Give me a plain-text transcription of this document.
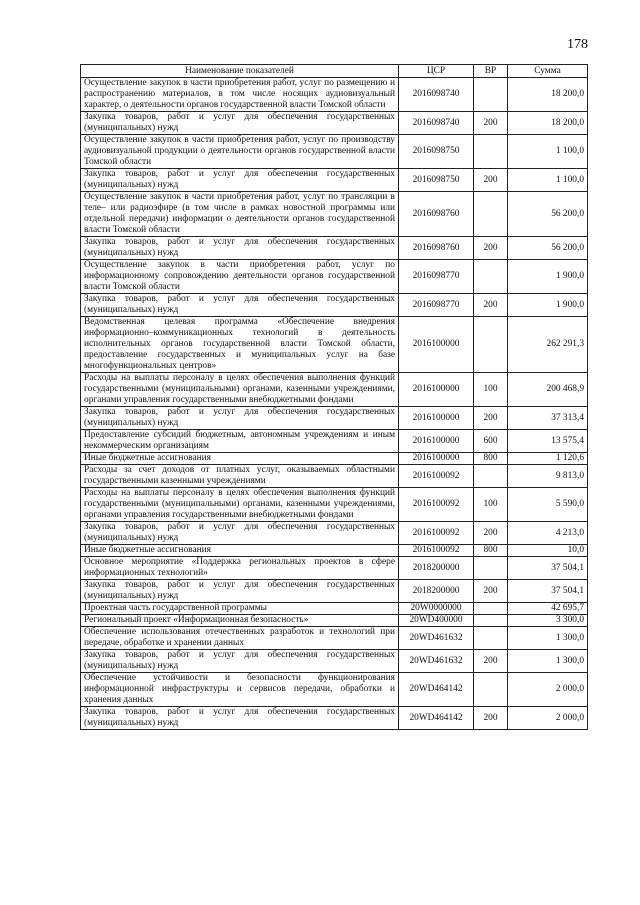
178
Наименование показателей	ЦСР	ВР	Сумма
Осуществление закупок в части приобретения работ, услуг по размещению и распространению материалов, в том числе носящих аудиовизуальный характер, о деятельности органов государственной власти Томской области	2016098740		18 200,0
Закупка товаров, работ и услуг для обеспечения государственных (муниципальных) нужд	2016098740	200	18 200,0
Осуществление закупок в части приобретения работ, услуг по производству аудиовизуальной продукции о деятельности органов государственной власти Томской области	2016098750		1 100,0
Закупка товаров, работ и услуг для обеспечения государственных (муниципальных) нужд	2016098750	200	1 100,0
Осуществление закупок в части приобретения работ, услуг по трансляции в теле– или радиоэфире (в том числе в рамках новостной программы или отдельной передачи) информации о деятельности органов государственной власти Томской области	2016098760		56 200,0
Закупка товаров, работ и услуг для обеспечения государственных (муниципальных) нужд	2016098760	200	56 200,0
Осуществление закупок в части приобретения работ, услуг по информационному сопровождению деятельности органов государственной власти Томской области	2016098770		1 900,0
Закупка товаров, работ и услуг для обеспечения государственных (муниципальных) нужд	2016098770	200	1 900,0
Ведомственная целевая программа «Обеспечение внедрения информационно–коммуникационных технологий в деятельность исполнительных органов государственной власти Томской области, предоставление государственных и муниципальных услуг на базе многофункциональных центров»	2016100000		262 291,3
Расходы на выплаты персоналу в целях обеспечения выполнения функций государственными (муниципальными) органами, казенными учреждениями, органами управления государственными внебюджетными фондами	2016100000	100	200 468,9
Закупка товаров, работ и услуг для обеспечения государственных (муниципальных) нужд	2016100000	200	37 313,4
Предоставление субсидий бюджетным, автономным учреждениям и иным некоммерческим организациям	2016100000	600	13 575,4
Иные бюджетные ассигнования	2016100000	800	1 120,6
Расходы за счет доходов от платных услуг, оказываемых областными государственными казенными учреждениями	2016100092		9 813,0
Расходы на выплаты персоналу в целях обеспечения выполнения функций государственными (муниципальными) органами, казенными учреждениями, органами управления государственными внебюджетными фондами	2016100092	100	5 590,0
Закупка товаров, работ и услуг для обеспечения государственных (муниципальных) нужд	2016100092	200	4 213,0
Иные бюджетные ассигнования	2016100092	800	10,0
Основное мероприятие «Поддержка региональных проектов в сфере информационных технологий»	2018200000		37 504,1
Закупка товаров, работ и услуг для обеспечения государственных (муниципальных) нужд	2018200000	200	37 504,1
Проектная часть государственной программы	20W0000000		42 695,7
Региональный проект «Информационная безопасность»	20WD400000		3 300,0
Обеспечение использования отечественных разработок и технологий при передаче, обработке и хранении данных	20WD461632		1 300,0
Закупка товаров, работ и услуг для обеспечения государственных (муниципальных) нужд	20WD461632	200	1 300,0
Обеспечение устойчивости и безопасности функционирования информационной инфраструктуры и сервисов передачи, обработки и хранения данных	20WD464142		2 000,0
Закупка товаров, работ и услуг для обеспечения государственных (муниципальных) нужд	20WD464142	200	2 000,0
